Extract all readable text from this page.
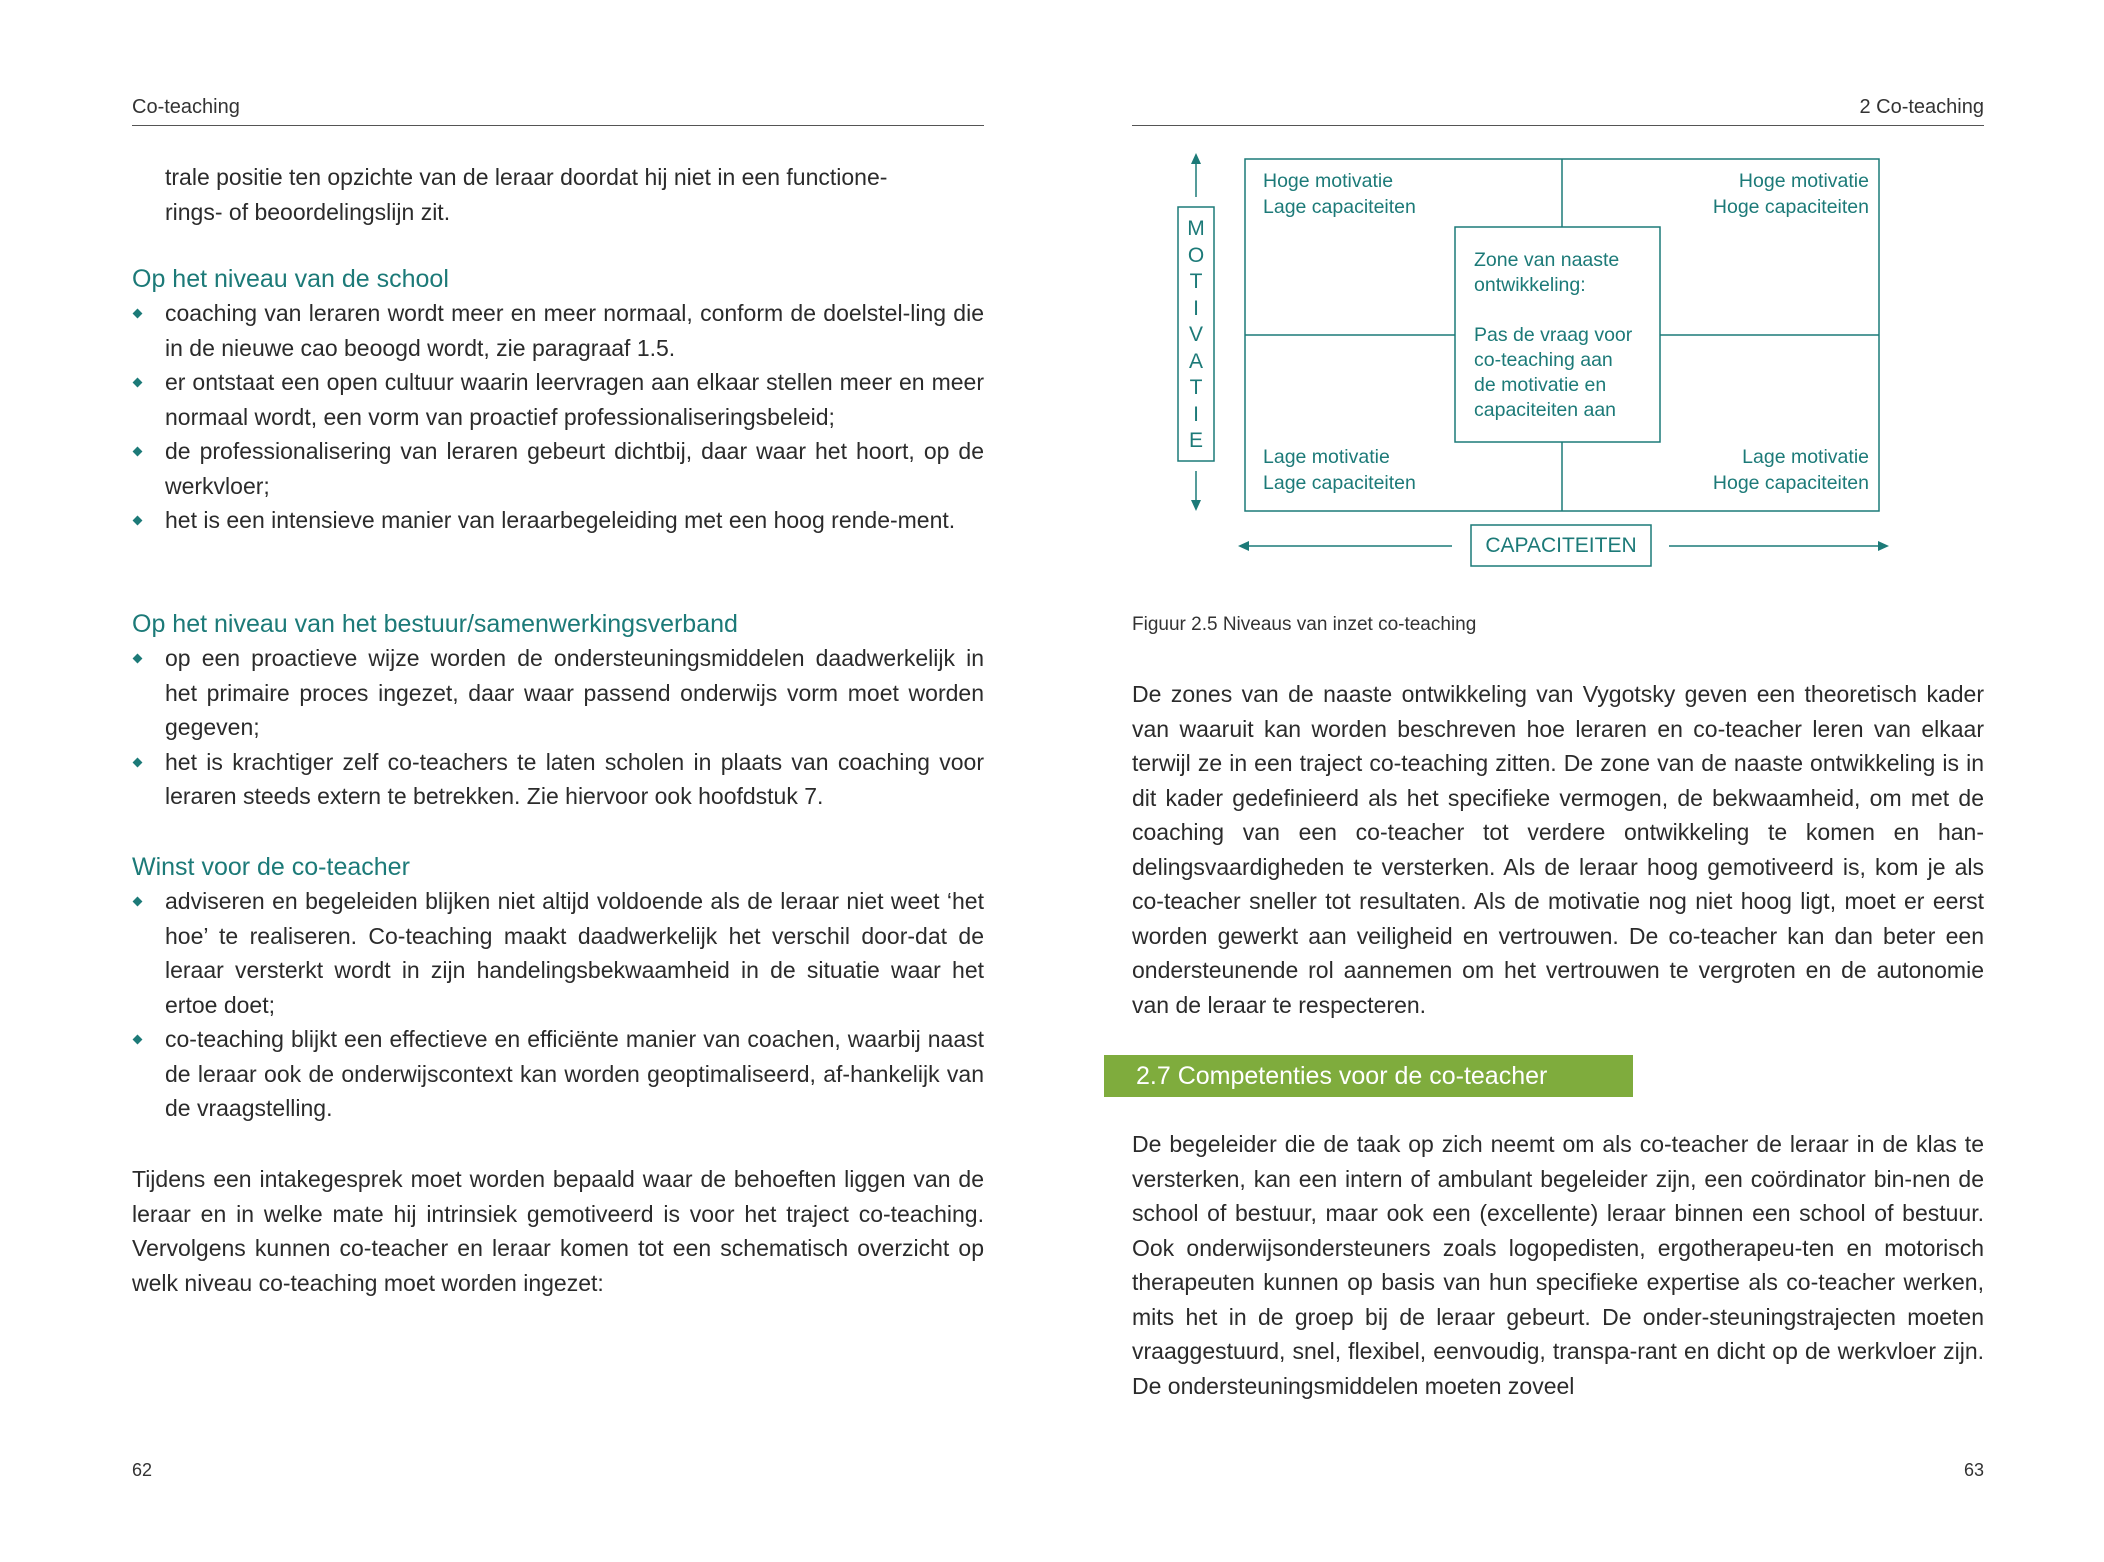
Co-teaching
trale positie ten opzichte van de leraar doordat hij niet in een functione-
rings- of beoordelingslijn zit.
Op het niveau van de school
coaching van leraren wordt meer en meer normaal, conform de doelstel-ling die in de nieuwe cao beoogd wordt, zie paragraaf 1.5.
er ontstaat een open cultuur waarin leervragen aan elkaar stellen meer en meer normaal wordt, een vorm van proactief professionaliseringsbeleid;
de professionalisering van leraren gebeurt dichtbij, daar waar het hoort, op de werkvloer;
het is een intensieve manier van leraarbegeleiding met een hoog rende-ment.
Op het niveau van het bestuur/samenwerkingsverband
op een proactieve wijze worden de ondersteuningsmiddelen daadwerkelijk in het primaire proces ingezet, daar waar passend onderwijs vorm moet worden gegeven;
het is krachtiger zelf co-teachers te laten scholen in plaats van coaching voor leraren steeds extern te betrekken. Zie hiervoor ook hoofdstuk 7.
Winst voor de co-teacher
adviseren en begeleiden blijken niet altijd voldoende als de leraar niet weet ‘het hoe’ te realiseren. Co-teaching maakt daadwerkelijk het verschil door-dat de leraar versterkt wordt in zijn handelingsbekwaamheid in de situatie waar het ertoe doet;
co-teaching blijkt een effectieve en efficiënte manier van coachen, waarbij naast de leraar ook de onderwijscontext kan worden geoptimaliseerd, af-hankelijk van de vraagstelling.
Tijdens een intakegesprek moet worden bepaald waar de behoeften liggen van de leraar en in welke mate hij intrinsiek gemotiveerd is voor het traject co-teaching. Vervolgens kunnen co-teacher en leraar komen tot een schematisch overzicht op welk niveau co-teaching moet worden ingezet:
62
2 Co-teaching
Hoge motivatie
Lage capaciteiten
Hoge motivatie
Hoge capaciteiten
Lage motivatie
Lage capaciteiten
Lage motivatie
Hoge capaciteiten
Zone van naaste
ontwikkeling:
Pas de vraag voor
co-teaching aan
de motivatie en
capaciteiten aan
M
O
T
I
V
A
T
I
E
CAPACITEITEN
Figuur 2.5 Niveaus van inzet co-teaching
De zones van de naaste ontwikkeling van Vygotsky geven een theoretisch kader van waaruit kan worden beschreven hoe leraren en co-teacher leren van elkaar terwijl ze in een traject co-teaching zitten. De zone van de naaste ontwikkeling is in dit kader gedefinieerd als het specifieke vermogen, de bekwaamheid, om met de coaching van een co-teacher tot verdere ontwikkeling te komen en han-delingsvaardigheden te versterken. Als de leraar hoog gemotiveerd is, kom je als co-teacher sneller tot resultaten. Als de motivatie nog niet hoog ligt, moet er eerst worden gewerkt aan veiligheid en vertrouwen. De co-teacher kan dan beter een ondersteunende rol aannemen om het vertrouwen te vergroten en de autonomie van de leraar te respecteren.
2.7 Competenties voor de co-teacher
De begeleider die de taak op zich neemt om als co-teacher de leraar in de klas te versterken, kan een intern of ambulant begeleider zijn, een coördinator bin-nen de school of bestuur, maar ook een (excellente) leraar binnen een school of bestuur. Ook onderwijsondersteuners zoals logopedisten, ergotherapeu-ten en motorisch therapeuten kunnen op basis van hun specifieke expertise als co-teacher werken, mits het in de groep bij de leraar gebeurt. De onder-steuningstrajecten moeten vraaggestuurd, snel, flexibel, eenvoudig, transpa-rant en dicht op de werkvloer zijn. De ondersteuningsmiddelen moeten zoveel
63
